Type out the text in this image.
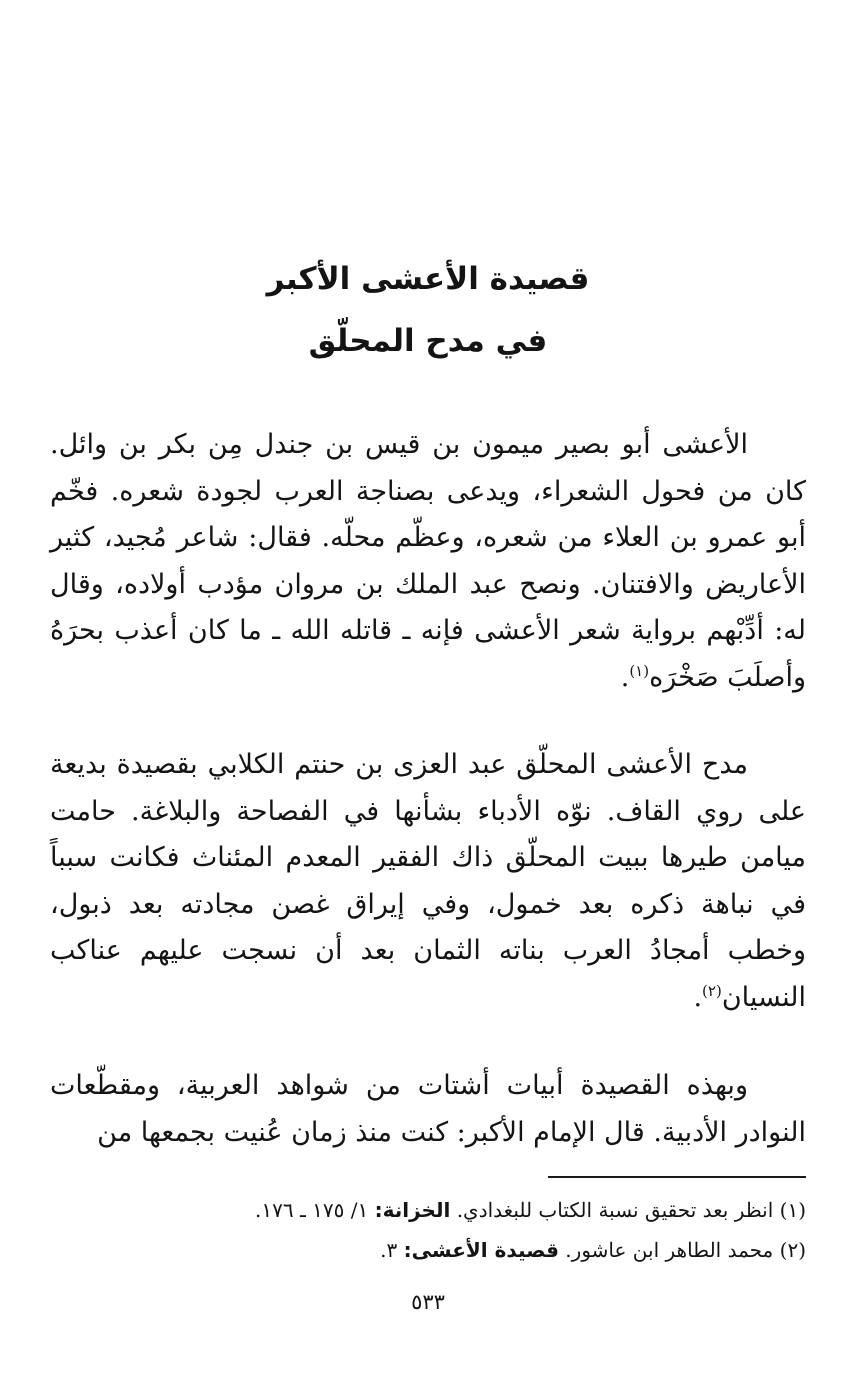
قصيدة الأعشى الأكبر

في مدح المحلّق

الأعشى أبو بصير ميمون بن قيس بن جندل مِن بكر بن وائل. كان من فحول الشعراء، ويدعى بصناجة العرب لجودة شعره. فخّم أبو عمرو بن العلاء من شعره، وعظّم محلّه. فقال: شاعر مُجيد، كثير الأعاريض والافتنان. ونصح عبد الملك بن مروان مؤدب أولاده، وقال له: أدِّبْهم برواية شعر الأعشى فإنه ـ قاتله الله ـ ما كان أعذب بحرَهُ وأصلَبَ صَخْرَه$^{(١)}$.

مدح الأعشى المحلّق عبد العزى بن حنتم الكلابي بقصيدة بديعة على روي القاف. نوّه الأدباء بشأنها في الفصاحة والبلاغة. حامت ميامن طيرها ببيت المحلّق ذاك الفقير المعدم المئناث فكانت سبباً في نباهة ذكره بعد خمول، وفي إيراق غصن مجادته بعد ذبول، وخطب أمجادُ العرب بناته الثمان بعد أن نسجت عليهم عناكب النسيان$^{(٢)}$.

وبهذه القصيدة أبيات أشتات من شواهد العربية، ومقطّعات النوادر الأدبية. قال الإمام الأكبر: كنت منذ زمان عُنيت بجمعها من

(١) انظر بعد تحقيق نسبة الكتاب للبغدادي. الخزانة: ١/ ١٧٥ ـ ١٧٦.

(٢) محمد الطاهر ابن عاشور. قصيدة الأعشى: ٣.

٥٣٣
